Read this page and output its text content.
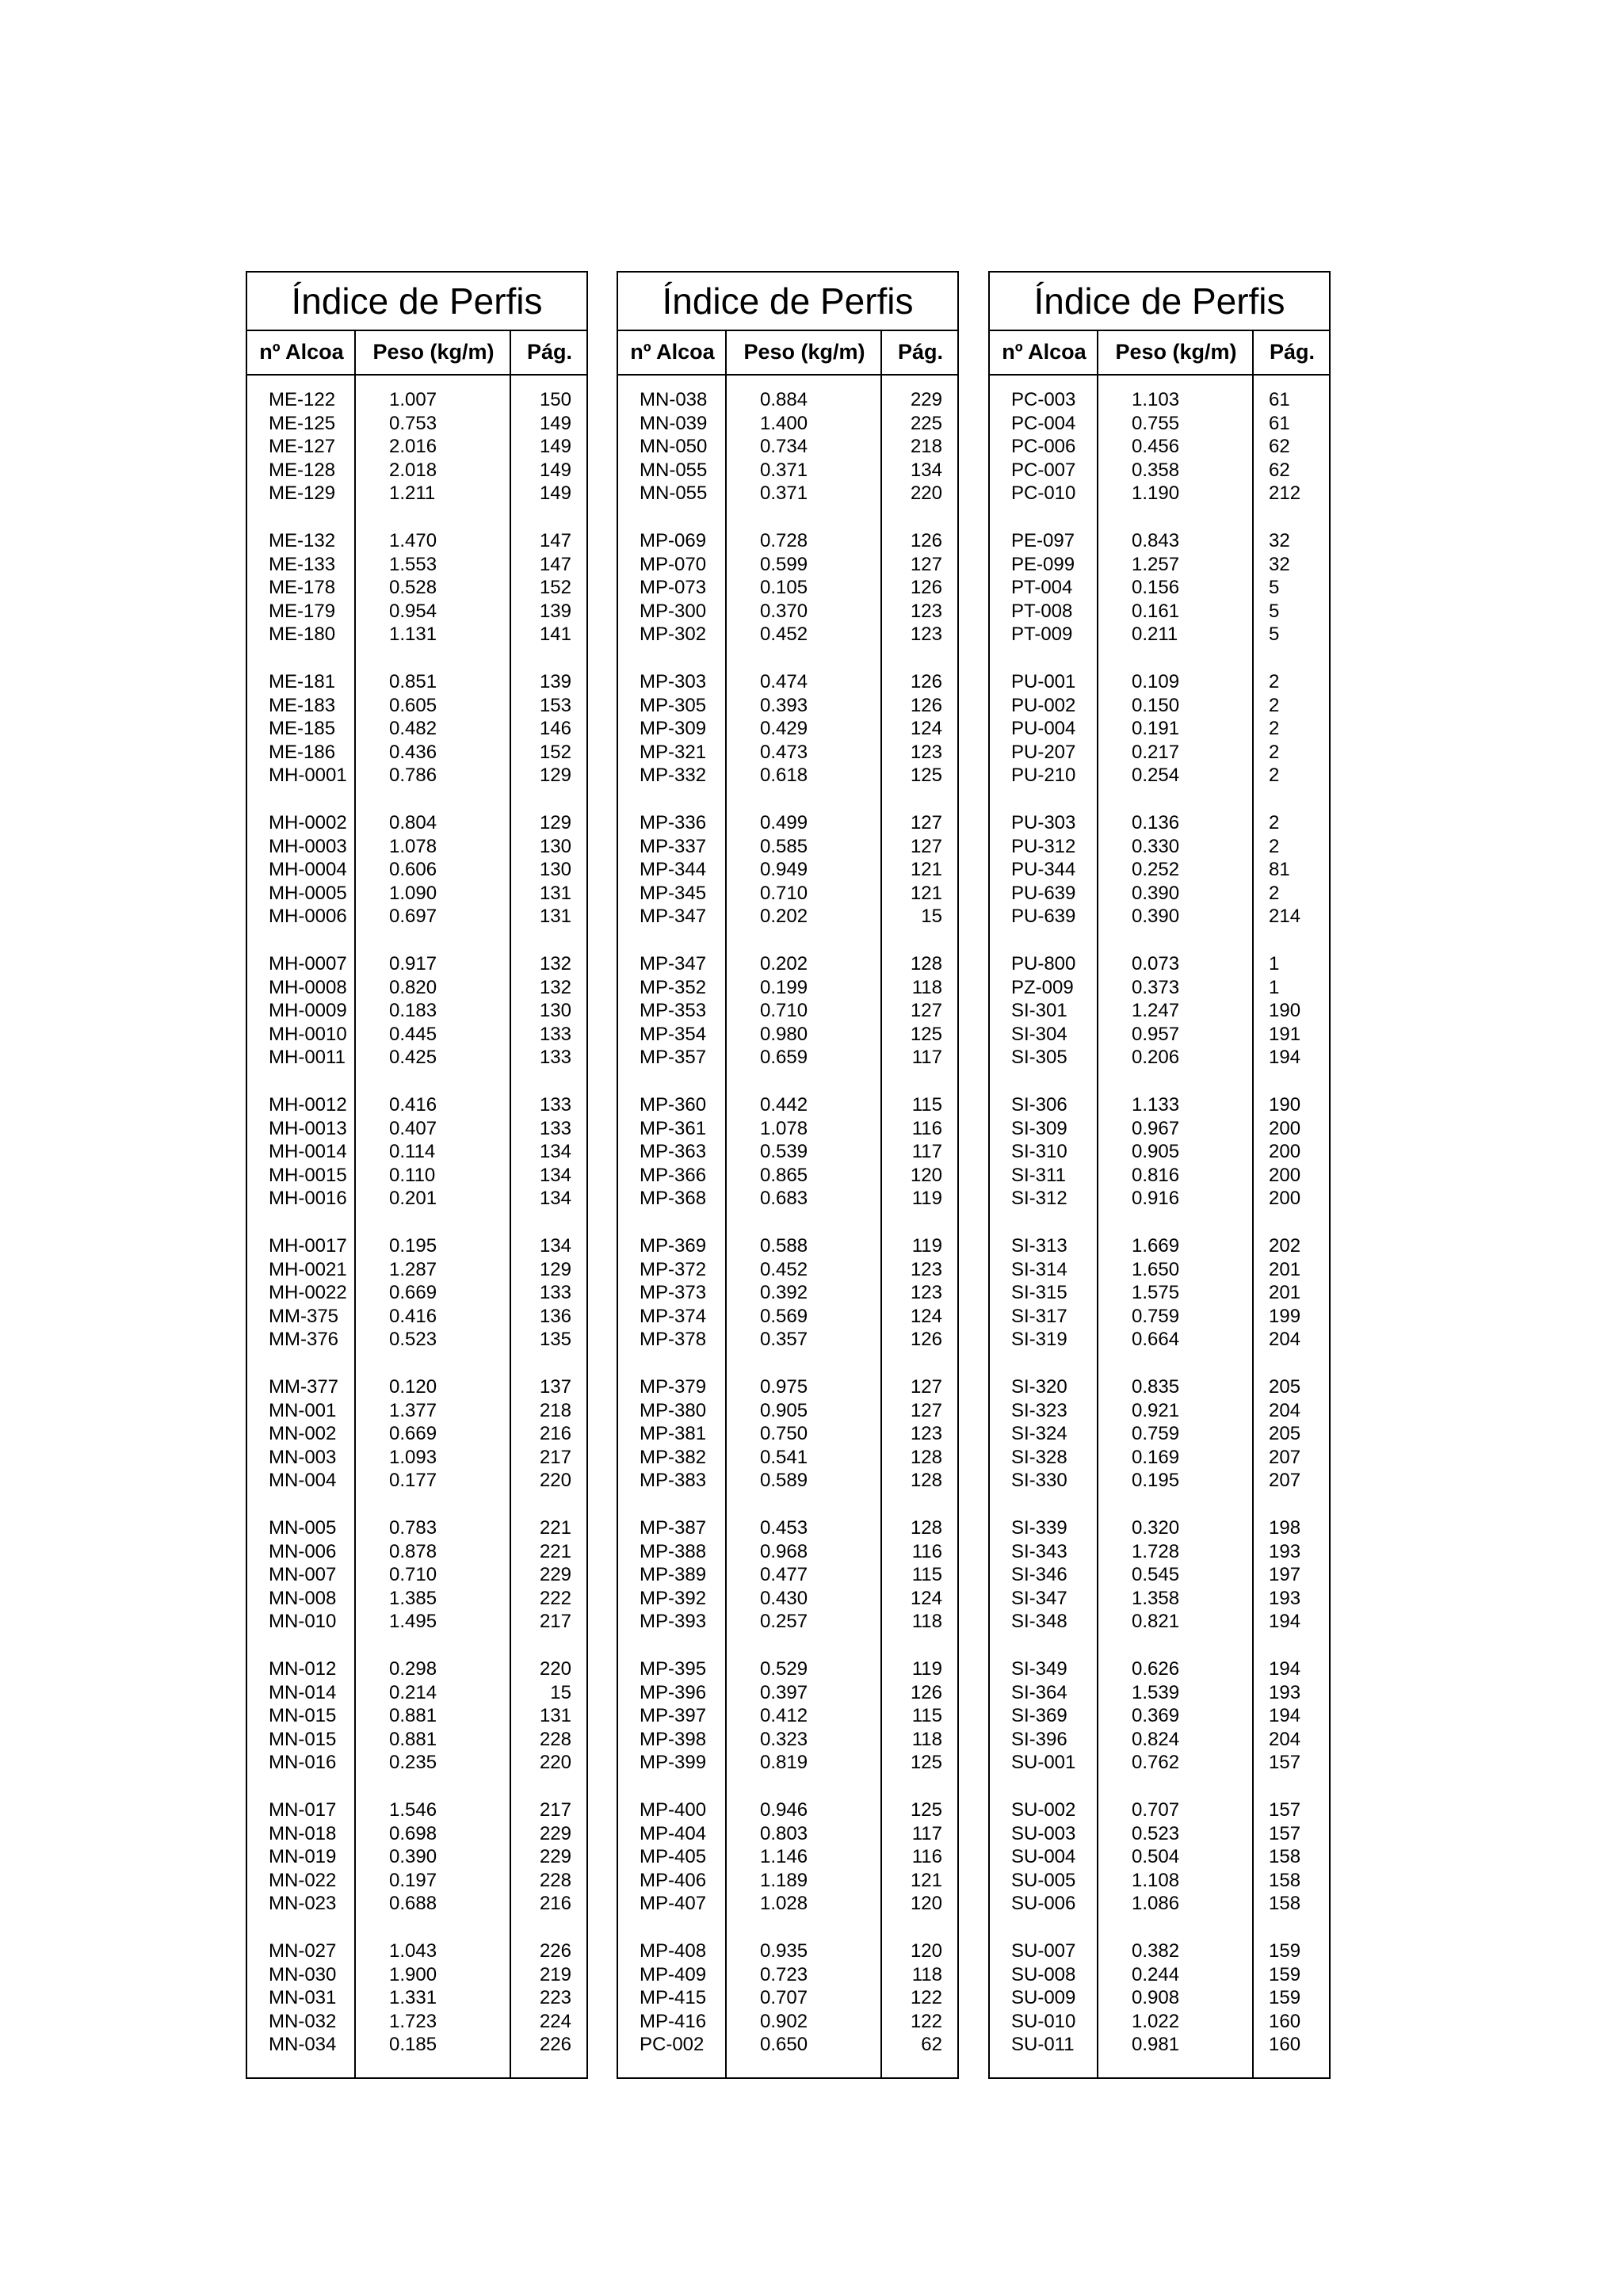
Índice de Perfis
nº Alcoa	Peso (kg/m)	Pág.
ME-122	1.007	150
ME-125	0.753	149
ME-127	2.016	149
ME-128	2.018	149
ME-129	1.211	149
ME-132	1.470	147
ME-133	1.553	147
ME-178	0.528	152
ME-179	0.954	139
ME-180	1.131	141
ME-181	0.851	139
ME-183	0.605	153
ME-185	0.482	146
ME-186	0.436	152
MH-0001 0.786	129
MH-0002 0.804	129
MH-0003 1.078	130
MH-0004 0.606	130
MH-0005 1.090	131
MH-0006 0.697	131
MH-0007 0.917	132
MH-0008 0.820	132
MH-0009 0.183	130
MH-0010 0.445	133
MH-0011 0.425	133
MH-0012 0.416	133
MH-0013 0.407	133
MH-0014 0.114	134
MH-0015 0.110	134
MH-0016 0.201	134
MH-0017 0.195	134
MH-0021 1.287	129
MH-0022 0.669	133
MM-375	0.416	136
MM-376	0.523	135
MM-377	0.120	137
MN-001	1.377	218
MN-002	0.669	216
MN-003	1.093	217
MN-004	0.177	220
MN-005	0.783	221
MN-006	0.878	221
MN-007	0.710	229
MN-008	1.385	222
MN-010	1.495	217
MN-012	0.298	220
MN-014	0.214	15
MN-015	0.881	131
MN-015	0.881	228
MN-016	0.235	220
MN-017	1.546	217
MN-018	0.698	229
MN-019	0.390	229
MN-022	0.197	228
MN-023	0.688	216
MN-027	1.043	226
MN-030	1.900	219
MN-031	1.331	223
MN-032	1.723	224
MN-034	0.185	226
Índice de Perfis
nº Alcoa	Peso (kg/m)	Pág.
MN-038	0.884	229
MN-039	1.400	225
MN-050	0.734	218
MN-055	0.371	134
MN-055	0.371	220
MP-069	0.728	126
MP-070	0.599	127
MP-073	0.105	126
MP-300	0.370	123
MP-302	0.452	123
MP-303	0.474	126
MP-305	0.393	126
MP-309	0.429	124
MP-321	0.473	123
MP-332	0.618	125
MP-336	0.499	127
MP-337	0.585	127
MP-344	0.949	121
MP-345	0.710	121
MP-347	0.202	15
MP-347	0.202	128
MP-352	0.199	118
MP-353	0.710	127
MP-354	0.980	125
MP-357	0.659	117
MP-360	0.442	115
MP-361	1.078	116
MP-363	0.539	117
MP-366	0.865	120
MP-368	0.683	119
MP-369	0.588	119
MP-372	0.452	123
MP-373	0.392	123
MP-374	0.569	124
MP-378	0.357	126
MP-379	0.975	127
MP-380	0.905	127
MP-381	0.750	123
MP-382	0.541	128
MP-383	0.589	128
MP-387	0.453	128
MP-388	0.968	116
MP-389	0.477	115
MP-392	0.430	124
MP-393	0.257	118
MP-395	0.529	119
MP-396	0.397	126
MP-397	0.412	115
MP-398	0.323	118
MP-399	0.819	125
MP-400	0.946	125
MP-404	0.803	117
MP-405	1.146	116
MP-406	1.189	121
MP-407	1.028	120
MP-408	0.935	120
MP-409	0.723	118
MP-415	0.707	122
MP-416	0.902	122
PC-002	0.650	62
Índice de Perfis
nº Alcoa	Peso (kg/m)	Pág.
PC-003	1.103	61
PC-004	0.755	61
PC-006	0.456	62
PC-007	0.358	62
PC-010	1.190	212
PE-097	0.843	32
PE-099	1.257	32
PT-004	0.156	5
PT-008	0.161	5
PT-009	0.211	5
PU-001	0.109	2
PU-002	0.150	2
PU-004	0.191	2
PU-207	0.217	2
PU-210	0.254	2
PU-303	0.136	2
PU-312	0.330	2
PU-344	0.252	81
PU-639	0.390	2
PU-639	0.390	214
PU-800	0.073	1
PZ-009	0.373	1
SI-301	1.247	190
SI-304	0.957	191
SI-305	0.206	194
SI-306	1.133	190
SI-309	0.967	200
SI-310	0.905	200
SI-311	0.816	200
SI-312	0.916	200
SI-313	1.669	202
SI-314	1.650	201
SI-315	1.575	201
SI-317	0.759	199
SI-319	0.664	204
SI-320	0.835	205
SI-323	0.921	204
SI-324	0.759	205
SI-328	0.169	207
SI-330	0.195	207
SI-339	0.320	198
SI-343	1.728	193
SI-346	0.545	197
SI-347	1.358	193
SI-348	0.821	194
SI-349	0.626	194
SI-364	1.539	193
SI-369	0.369	194
SI-396	0.824	204
SU-001	0.762	157
SU-002	0.707	157
SU-003	0.523	157
SU-004	0.504	158
SU-005	1.108	158
SU-006	1.086	158
SU-007	0.382	159
SU-008	0.244	159
SU-009	0.908	159
SU-010	1.022	160
SU-011	0.981	160
